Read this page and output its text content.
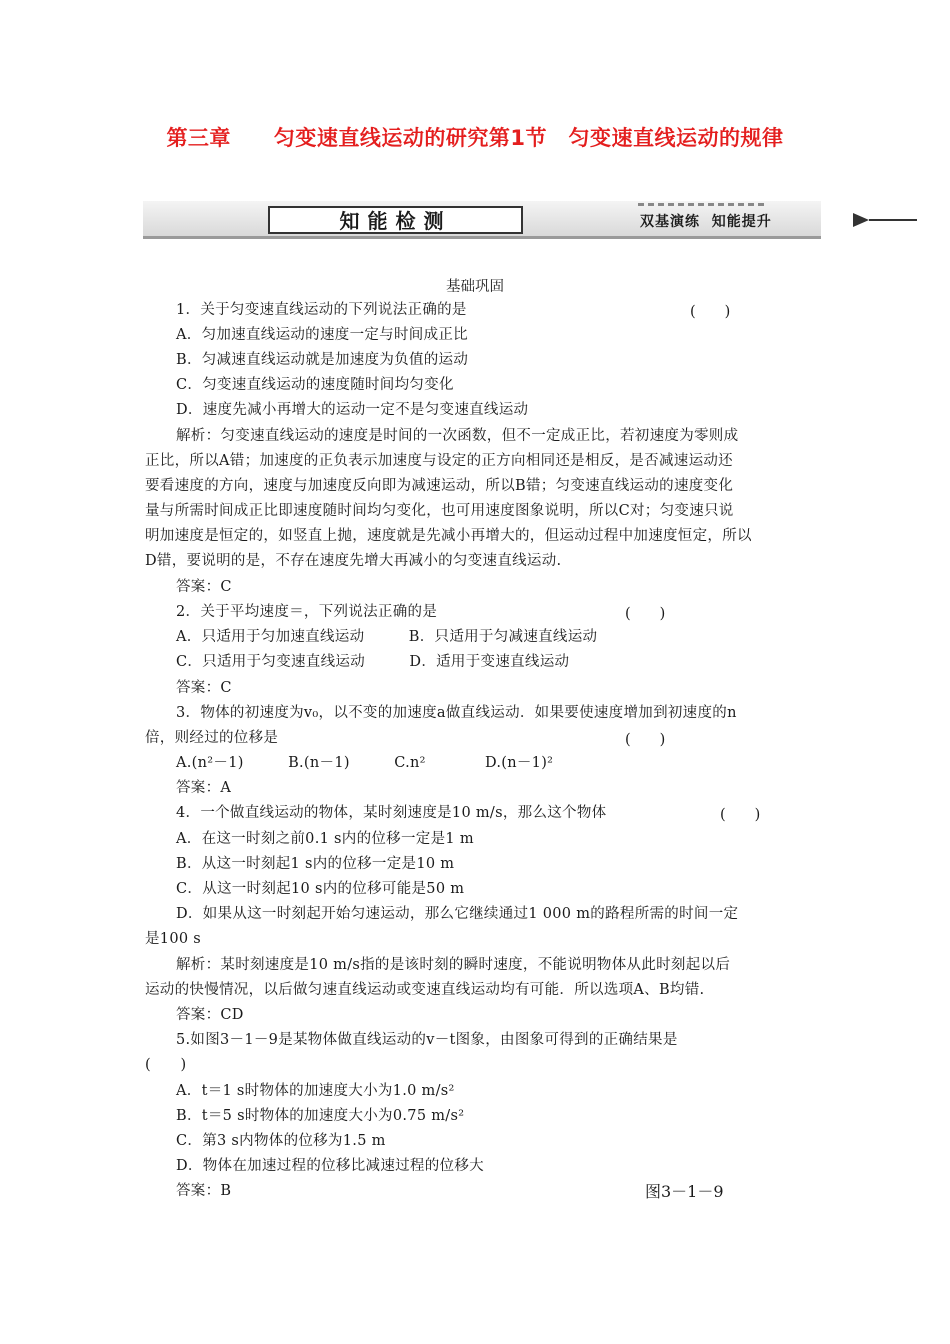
第三章　　匀变速直线运动的研究第1节　匀变速直线运动的规律
知能检测	双基演练  知能提升
基础巩固
1．关于匀变速直线运动的下列说法正确的是	(　　)
A．匀加速直线运动的速度一定与时间成正比
B．匀减速直线运动就是加速度为负值的运动
C．匀变速直线运动的速度随时间均匀变化
D．速度先减小再增大的运动一定不是匀变速直线运动
解析：匀变速直线运动的速度是时间的一次函数，但不一定成正比，若初速度为零则成
正比，所以A错；加速度的正负表示加速度与设定的正方向相同还是相反，是否减速运动还
要看速度的方向，速度与加速度反向即为减速运动，所以B错；匀变速直线运动的速度变化
量与所需时间成正比即速度随时间均匀变化，也可用速度图象说明，所以C对；匀变速只说
明加速度是恒定的，如竖直上抛，速度就是先减小再增大的，但运动过程中加速度恒定，所以
D错，要说明的是，不存在速度先增大再减小的匀变速直线运动.
答案：C
2．关于平均速度＝，下列说法正确的是	(　　)
A．只适用于匀加速直线运动　　　B．只适用于匀减速直线运动
C．只适用于匀变速直线运动　　　D．适用于变速直线运动
答案：C
3．物体的初速度为v₀，以不变的加速度a做直线运动．如果要使速度增加到初速度的n
倍，则经过的位移是	(　　)
A.(n²－1)　　　B.(n－1)　　　C.n²　　　　D.(n－1)²
答案：A
4．一个做直线运动的物体，某时刻速度是10 m/s，那么这个物体	(　　)
A．在这一时刻之前0.1 s内的位移一定是1 m
B．从这一时刻起1 s内的位移一定是10 m
C．从这一时刻起10 s内的位移可能是50 m
D．如果从这一时刻起开始匀速运动，那么它继续通过1 000 m的路程所需的时间一定
是100 s
解析：某时刻速度是10 m/s指的是该时刻的瞬时速度，不能说明物体从此时刻起以后
运动的快慢情况，以后做匀速直线运动或变速直线运动均有可能．所以选项A、B均错.
答案：CD
5.如图3－1－9是某物体做直线运动的v－t图象，由图象可得到的正确结果是
(　　)
A．t＝1 s时物体的加速度大小为1.0 m/s²
B．t＝5 s时物体的加速度大小为0.75 m/s²
C．第3 s内物体的位移为1.5 m
D．物体在加速过程的位移比减速过程的位移大
答案：B	图3－1－9
